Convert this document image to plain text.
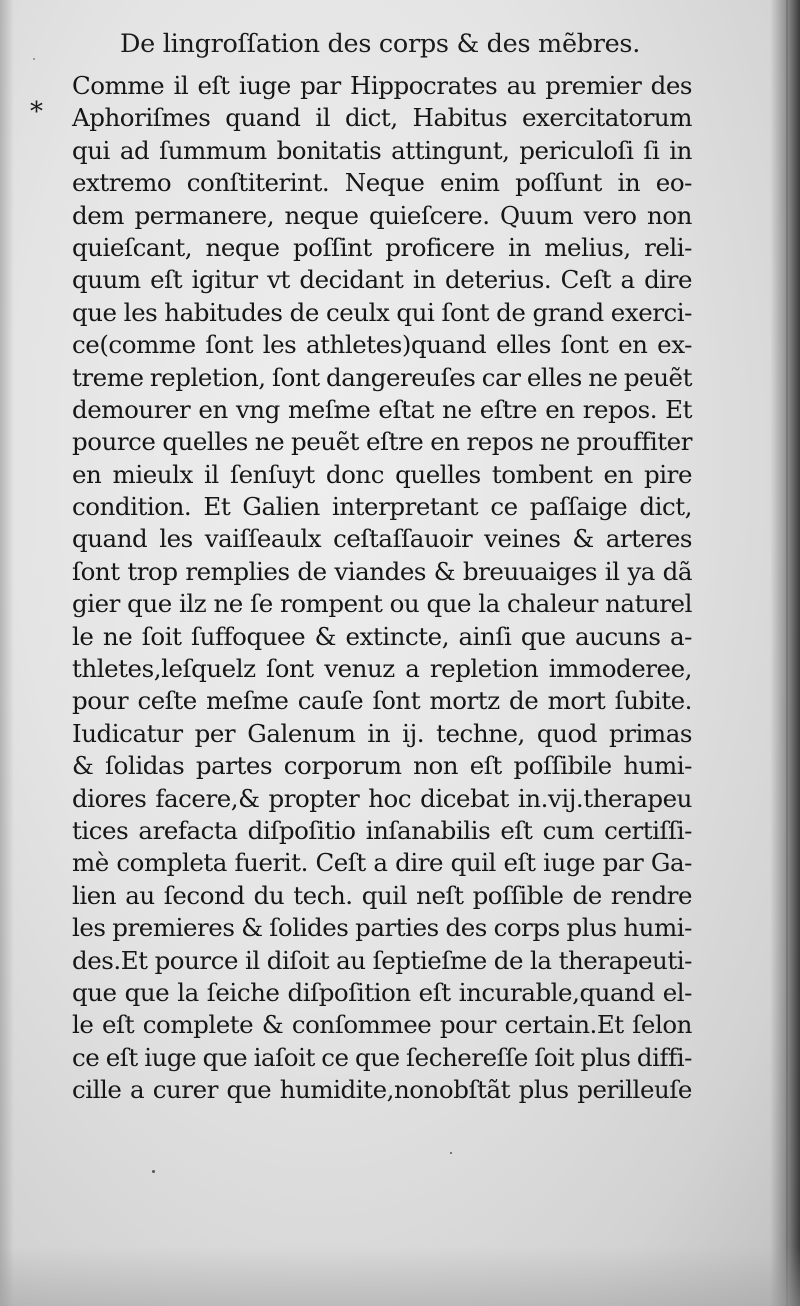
De lingroſſation des corps & des mẽbres.
*
Comme il eſt iuge par Hippocrates au premier des
Aphoriſmes quand il dict, Habitus exercitatorum
qui ad ſummum bonitatis attingunt, periculoſi ſi in
extremo conſtiterint. Neque enim poſſunt in eo-
dem permanere, neque quieſcere. Quum vero non
quieſcant, neque poſſint proficere in melius, reli-
quum eſt igitur vt decidant in deterius. Ceſt a dire
que les habitudes de ceulx qui ſont de grand exerci-
ce(comme ſont les athletes)quand elles ſont en ex-
treme repletion, ſont dangereuſes car elles ne peuẽt
demourer en vng meſme eſtat ne eſtre en repos. Et
pource quelles ne peuẽt eſtre en repos ne prouffiter
en mieulx il ſenſuyt donc quelles tombent en pire
condition. Et Galien interpretant ce paſſaige dict,
quand les vaiſſeaulx ceſtaſſauoir veines & arteres
ſont trop remplies de viandes & breuuaiges il ya dã
gier que ilz ne ſe rompent ou que la chaleur naturel
le ne ſoit ſuffoquee & extincte, ainſi que aucuns a-
thletes,leſquelz ſont venuz a repletion immoderee,
pour ceſte meſme cauſe ſont mortz de mort ſubite.
Iudicatur per Galenum in ij. techne, quod primas
& ſolidas partes corporum non eſt poſſibile humi-
diores facere,& propter hoc dicebat in.vij.therapeu
tices arefacta diſpoſitio inſanabilis eſt cum certiſſi-
mè completa fuerit. Ceſt a dire quil eſt iuge par Ga-
lien au ſecond du tech. quil neſt poſſible de rendre
les premieres & ſolides parties des corps plus humi-
des.Et pource il diſoit au ſeptieſme de la therapeuti-
que que la ſeiche diſpoſition eſt incurable,quand el-
le eſt complete & conſommee pour certain.Et ſelon
ce eſt iuge que iaſoit ce que ſechereſſe ſoit plus diffi-
cille a curer que humidite,nonobſtãt plus perilleuſe
